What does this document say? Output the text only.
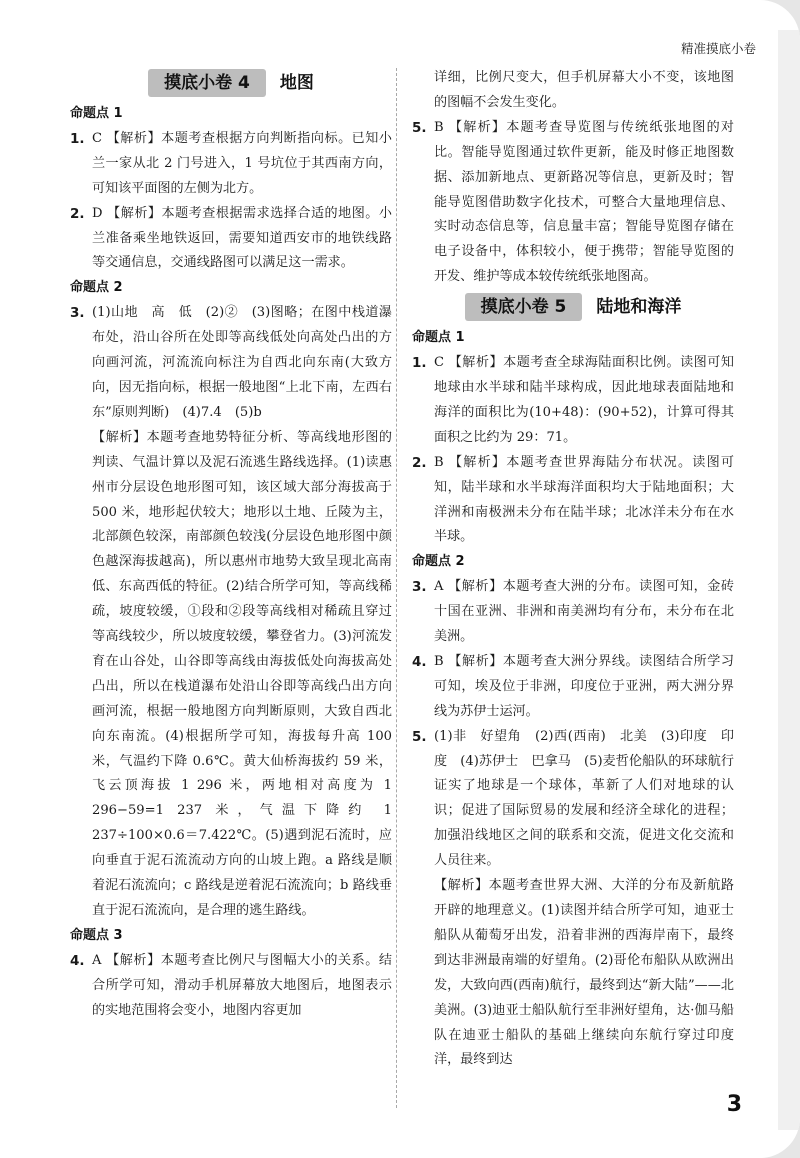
精准摸底小卷
摸底小卷 4	地图
命题点 1
1. C 【解析】本题考查根据方向判断指向标。已知小兰一家从北 2 门号进入，1 号坑位于其西南方向，可知该平面图的左侧为北方。

2. D 【解析】本题考查根据需求选择合适的地图。小兰准备乘坐地铁返回，需要知道西安市的地铁线路等交通信息，交通线路图可以满足这一需求。

命题点 2
3. (1)山地　高　低　(2)②　(3)图略；在图中栈道瀑布处，沿山谷所在处即等高线低处向高处凸出的方向画河流，河流流向标注为自西北向东南(大致方向，因无指向标，根据一般地图“上北下南，左西右东”原则判断)　(4)7.4　(5)b

【解析】本题考查地势特征分析、等高线地形图的判读、气温计算以及泥石流逃生路线选择。(1)读惠州市分层设色地形图可知，该区域大部分海拔高于 500 米，地形起伏较大；地形以土地、丘陵为主，北部颜色较深，南部颜色较浅(分层设色地形图中颜色越深海拔越高)，所以惠州市地势大致呈现北高南低、东高西低的特征。(2)结合所学可知，等高线稀疏，坡度较缓，①段和②段等高线相对稀疏且穿过等高线较少，所以坡度较缓，攀登省力。(3)河流发育在山谷处，山谷即等高线由海拔低处向海拔高处凸出，所以在栈道瀑布处沿山谷即等高线凸出方向画河流，根据一般地图方向判断原则，大致自西北向东南流。(4)根据所学可知，海拔每升高 100 米，气温约下降 0.6℃。黄大仙桥海拔约 59 米，飞云顶海拔 1 296 米，两地相对高度为 1 296−59=1 237 米，气温下降约 1 237÷100×0.6＝7.422℃。(5)遇到泥石流时，应向垂直于泥石流流动方向的山坡上跑。a 路线是顺着泥石流流向；c 路线是逆着泥石流流向；b 路线垂直于泥石流流向，是合理的逃生路线。

命题点 3
4. A 【解析】本题考查比例尺与图幅大小的关系。结合所学可知，滑动手机屏幕放大地图后，地图表示的实地范围将会变小，地图内容更加

详细，比例尺变大，但手机屏幕大小不变，该地图的图幅不会发生变化。

5. B 【解析】本题考查导览图与传统纸张地图的对比。智能导览图通过软件更新，能及时修正地图数据、添加新地点、更新路况等信息，更新及时；智能导览图借助数字化技术，可整合大量地理信息、实时动态信息等，信息量丰富；智能导览图存储在电子设备中，体积较小，便于携带；智能导览图的开发、维护等成本较传统纸张地图高。

摸底小卷 5	陆地和海洋
命题点 1
1. C 【解析】本题考查全球海陆面积比例。读图可知地球由水半球和陆半球构成，因此地球表面陆地和海洋的面积比为(10+48)：(90+52)，计算可得其面积之比约为 29：71。

2. B 【解析】本题考查世界海陆分布状况。读图可知，陆半球和水半球海洋面积均大于陆地面积；大洋洲和南极洲未分布在陆半球；北冰洋未分布在水半球。

命题点 2
3. A 【解析】本题考查大洲的分布。读图可知，金砖十国在亚洲、非洲和南美洲均有分布，未分布在北美洲。

4. B 【解析】本题考查大洲分界线。读图结合所学习可知，埃及位于非洲，印度位于亚洲，两大洲分界线为苏伊士运河。

5. (1)非　好望角　(2)西(西南)　北美　(3)印度　印度　(4)苏伊士　巴拿马　(5)麦哲伦船队的环球航行证实了地球是一个球体，革新了人们对地球的认识；促进了国际贸易的发展和经济全球化的进程；加强沿线地区之间的联系和交流，促进文化交流和人员往来。

【解析】本题考查世界大洲、大洋的分布及新航路开辟的地理意义。(1)读图并结合所学可知，迪亚士船队从葡萄牙出发，沿着非洲的西海岸南下，最终到达非洲最南端的好望角。(2)哥伦布船队从欧洲出发，大致向西(西南)航行，最终到达“新大陆”——北美洲。(3)迪亚士船队航行至非洲好望角，达·伽马船队在迪亚士船队的基础上继续向东航行穿过印度洋，最终到达

3
